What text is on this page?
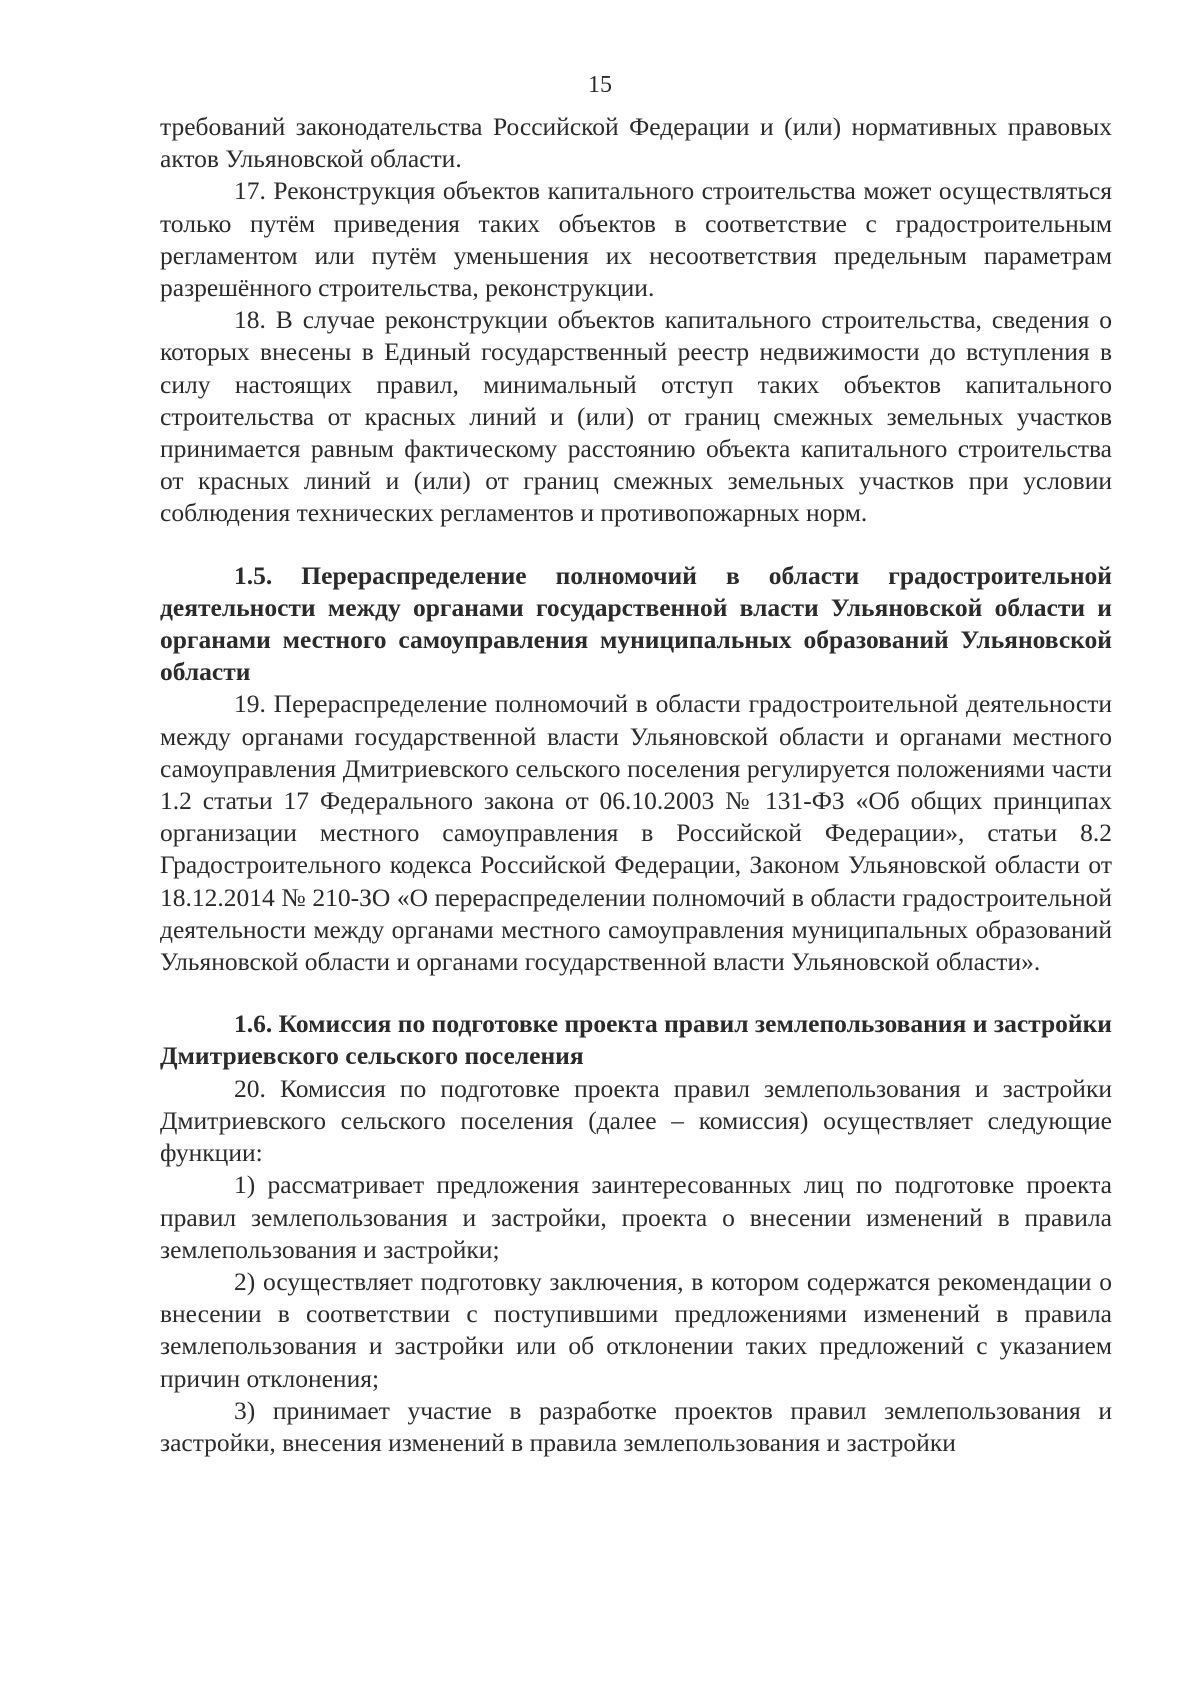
15

требований законодательства Российской Федерации и (или) нормативных правовых актов Ульяновской области.

17. Реконструкция объектов капитального строительства может осуществляться только путём приведения таких объектов в соответствие с градостроительным регламентом или путём уменьшения их несоответствия предельным параметрам разрешённого строительства, реконструкции.

18. В случае реконструкции объектов капитального строительства, сведения о которых внесены в Единый государственный реестр недвижимости до вступления в силу настоящих правил, минимальный отступ таких объектов капитального строительства от красных линий и (или) от границ смежных земельных участков принимается равным фактическому расстоянию объекта капитального строительства от красных линий и (или) от границ смежных земельных участков при условии соблюдения технических регламентов и противопожарных норм.

1.5. Перераспределение полномочий в области градостроительной деятельности между органами государственной власти Ульяновской области и органами местного самоуправления муниципальных образований Ульяновской области

19. Перераспределение полномочий в области градостроительной деятельности между органами государственной власти Ульяновской области и органами местного самоуправления Дмитриевского сельского поселения регулируется положениями части 1.2 статьи 17 Федерального закона от 06.10.2003 № 131-ФЗ «Об общих принципах организации местного самоуправления в Российской Федерации», статьи 8.2 Градостроительного кодекса Российской Федерации, Законом Ульяновской области от 18.12.2014 № 210-ЗО «О перераспределении полномочий в области градостроительной деятельности между органами местного самоуправления муниципальных образований Ульяновской области и органами государственной власти Ульяновской области».

1.6. Комиссия по подготовке проекта правил землепользования и застройки Дмитриевского сельского поселения

20. Комиссия по подготовке проекта правил землепользования и застройки Дмитриевского сельского поселения (далее – комиссия) осуществляет следующие функции:

1) рассматривает предложения заинтересованных лиц по подготовке проекта правил землепользования и застройки, проекта о внесении изменений в правила землепользования и застройки;

2) осуществляет подготовку заключения, в котором содержатся рекомендации о внесении в соответствии с поступившими предложениями изменений в правила землепользования и застройки или об отклонении таких предложений с указанием причин отклонения;

3) принимает участие в разработке проектов правил землепользования и застройки, внесения изменений в правила землепользования и застройки
